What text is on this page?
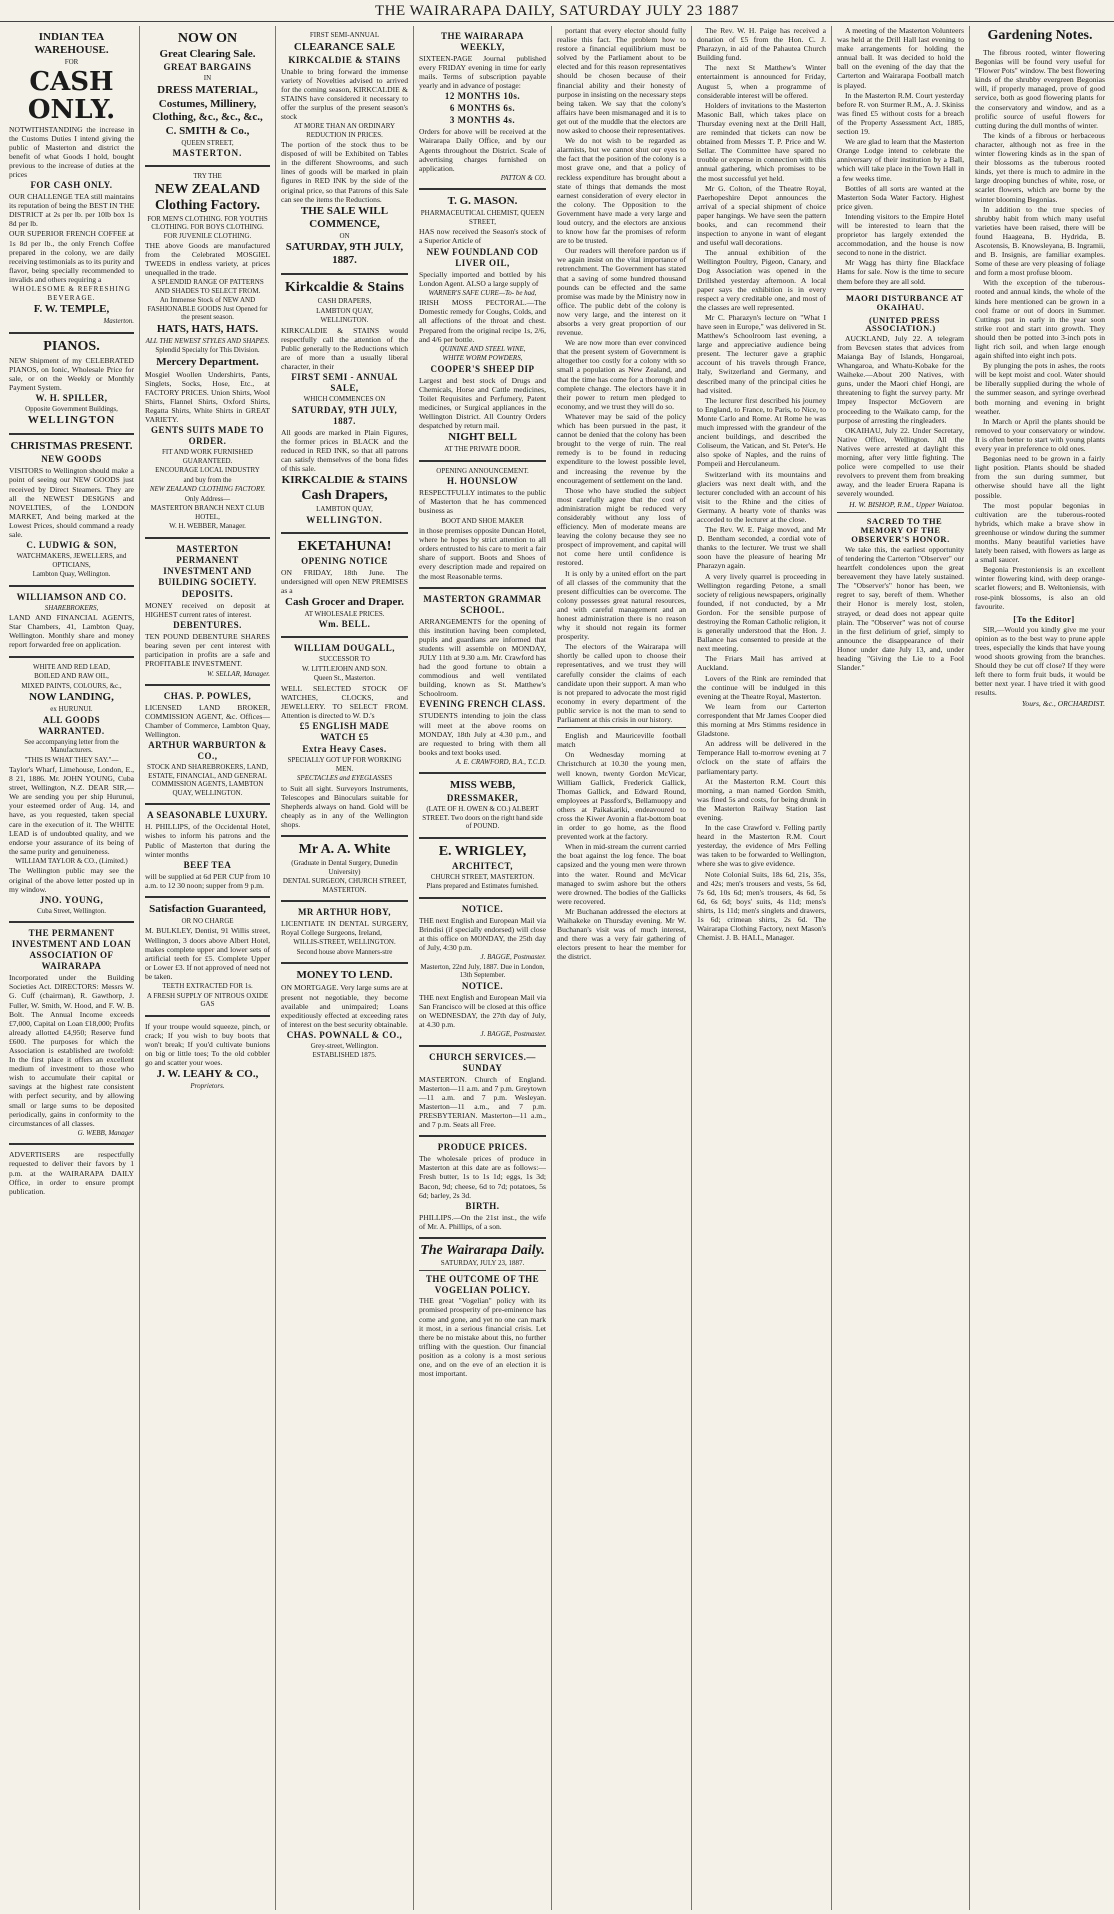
THE WAIRARAPA DAILY, SATURDAY JULY 23 1887

INDIAN TEA WAREHOUSE.

FOR

CASH ONLY.

NOTWITHSTANDING the increase in the Customs Duties I intend giving the public of Masterton and district the benefit of what Goods I hold, bought previous to the increase of duties at the prices

FOR CASH ONLY.

OUR CHALLENGE TEA still maintains its reputation of being the BEST IN THE DISTRICT at 2s per lb. per 10lb box 1s 8d per lb.

OUR SUPERIOR FRENCH COFFEE at 1s 8d per lb., the only French Coffee prepared in the colony, we are daily receiving testimonials as to its purity and flavor, being specially recommended to invalids and others requiring a

WHOLESOME & REFRESHING BEVERAGE.

F. W. TEMPLE,

Masterton.

PIANOS.

NEW Shipment of my CELEBRATED PIANOS, on Ionic, Wholesale Price for sale, or on the Weekly or Monthly Payment System.

W. H. SPILLER,

Opposite Government Buildings,

WELLINGTON

CHRISTMAS PRESENT.

NEW GOODS

VISITORS to Wellington should make a point of seeing our NEW GOODS just received by Direct Steamers. They are all the NEWEST DESIGNS and NOVELTIES, of the LONDON MARKET, And being marked at the Lowest Prices, should command a ready sale.

C. LUDWIG & SON,

WATCHMAKERS, JEWELLERS, and OPTICIANS,

Lambton Quay, Wellington.

WILLIAMSON AND CO.

SHAREBROKERS,

LAND AND FINANCIAL AGENTS, Star Chambers, 41, Lambton Quay, Wellington. Monthly share and money report forwarded free on application.

WHITE AND RED LEAD,

BOILED AND RAW OIL,

MIXED PAINTS, COLOURS, &c.,

NOW LANDING,

ex HURUNUI.

ALL GOODS WARRANTED.

See accompanying letter from the Manufacturers.

"THIS IS WHAT THEY SAY."—

Taylor's Wharf, Limehouse, London, E., 8 21, 1886. Mr. JOHN YOUNG, Cuba street, Wellington, N.Z. DEAR SIR,—We are sending you per ship Hurunui, your esteemed order of Aug. 14, and have, as you requested, taken special care in the execution of it. The WHITE LEAD is of undoubted quality, and we endorse your assurance of its being of the same purity and genuineness.

WILLIAM TAYLOR & CO., (Limited.)

The Wellington public may see the original of the above letter posted up in my window.

JNO. YOUNG,

Cuba Street, Wellington.

THE PERMANENT INVESTMENT AND LOAN ASSOCIATION OF WAIRARAPA

Incorporated under the Building Societies Act. DIRECTORS: Messrs W. G. Cuff (chairman), R. Gawthorp, J. Fuller, W. Smith, W. Hood, and F. W. B. Bolt. The Annual Income exceeds £7,000, Capital on Loan £18,000; Profits already allotted £4,950; Reserve fund £600. The purposes for which the Association is established are twofold: In the first place it offers an excellent medium of investment to those who wish to accumulate their capital or savings at the highest rate consistent with perfect security, and by allowing small or large sums to be deposited periodically, gains in conformity to the circumstances of all classes.

G. WEBB, Manager

ADVERTISERS are respectfully requested to deliver their favors by 1 p.m. at the WAIRARAPA DAILY Office, in order to ensure prompt publication.

NOW ON

Great Clearing Sale.

GREAT BARGAINS

IN

DRESS MATERIAL,

Costumes, Millinery, Clothing, &c., &c., &c.,

C. SMITH & Co.,

QUEEN STREET,

MASTERTON.

TRY THE

NEW ZEALAND Clothing Factory.

FOR MEN'S CLOTHING. FOR YOUTHS CLOTHING. FOR BOYS CLOTHING. FOR JUVENILE CLOTHING.

THE above Goods are manufactured from the Celebrated MOSGIEL TWEEDS in endless variety, at prices unequalled in the trade.

A SPLENDID RANGE OF PATTERNS AND SHADES TO SELECT FROM.

An Immense Stock of NEW AND FASHIONABLE GOODS Just Opened for the present season.

HATS, HATS, HATS.

ALL THE NEWEST STYLES AND SHAPES.

Splendid Specialty for This Division.

Mercery Department.

Mosgiel Woollen Undershirts, Pants, Singlets, Socks, Hose, Etc., at FACTORY PRICES. Union Shirts, Wool Shirts, Flannel Shirts, Oxford Shirts, Regatta Shirts, White Shirts in GREAT VARIETY.

GENTS SUITS MADE TO ORDER.

FIT AND WORK FURNISHED GUARANTEED.

ENCOURAGE LOCAL INDUSTRY

and buy from the

NEW ZEALAND CLOTHING FACTORY.

Only Address—

MASTERTON BRANCH NEXT CLUB HOTEL,

W. H. WEBBER, Manager.

MASTERTON PERMANENT INVESTMENT AND BUILDING SOCIETY.

DEPOSITS.

MONEY received on deposit at HIGHEST current rates of interest.

DEBENTURES.

TEN POUND DEBENTURE SHARES bearing seven per cent interest with participation in profits are a safe and PROFITABLE INVESTMENT.

W. SELLAR, Manager.

CHAS. P. POWLES,

LICENSED LAND BROKER, COMMISSION AGENT, &c. Offices—Chamber of Commerce, Lambton Quay, Wellington.

ARTHUR WARBURTON & CO.,

STOCK AND SHAREBROKERS, LAND, ESTATE, FINANCIAL, AND GENERAL COMMISSION AGENTS, LAMBTON QUAY, WELLINGTON.

A SEASONABLE LUXURY.

H. PHILLIPS, of the Occidental Hotel, wishes to inform his patrons and the Public of Masterton that during the winter months

BEEF TEA

will be supplied at 6d PER CUP from 10 a.m. to 12 30 noon; supper from 9 p.m.

Satisfaction Guaranteed,

OR NO CHARGE

M. BULKLEY, Dentist, 91 Willis street, Wellington, 3 doors above Albert Hotel, makes complete upper and lower sets of artificial teeth for £5. Complete Upper or Lower £3. If not approved of need not be taken.

TEETH EXTRACTED FOR 1s.

A FRESH SUPPLY OF NITROUS OXIDE GAS

If your troupe would squeeze, pinch, or crack; If you wish to buy boots that won't break; If you'd cultivate bunions on big or little toes; To the old cobbler go and scatter your woes.

J. W. LEAHY & CO.,

Proprietors.

FIRST SEMI-ANNUAL

CLEARANCE SALE

KIRKCALDIE & STAINS

Unable to bring forward the immense variety of Novelties advised to arrived for the coming season, KIRKCALDIE & STAINS have considered it necessary to offer the surplus of the present season's stock

AT MORE THAN AN ORDINARY REDUCTION IN PRICES.

The portion of the stock thus to be disposed of will be Exhibited on Tables in the different Showrooms, and such lines of goods will be marked in plain figures in RED INK by the side of the original price, so that Patrons of this Sale can see the items the Reductions.

THE SALE WILL COMMENCE,

ON

SATURDAY, 9TH JULY, 1887.

Kirkcaldie & Stains

CASH DRAPERS,

LAMBTON QUAY,

WELLINGTON.

KIRKCALDIE & STAINS would respectfully call the attention of the Public generally to the Reductions which are of more than a usually liberal character, in their

FIRST SEMI - ANNUAL SALE,

WHICH COMMENCES ON

SATURDAY, 9TH JULY, 1887.

All goods are marked in Plain Figures, the former prices in BLACK and the reduced in RED INK, so that all patrons can satisfy themselves of the bona fides of this sale.

KIRKCALDIE & STAINS

Cash Drapers,

LAMBTON QUAY,

WELLINGTON.

EKETAHUNA!

OPENING NOTICE

ON FRIDAY, 18th June. The undersigned will open NEW PREMISES as a

Cash Grocer and Draper.

AT WHOLESALE PRICES.

Wm. BELL.

WILLIAM DOUGALL,

SUCCESSOR TO

W. LITTLEJOHN AND SON.

Queen St., Masterton.

WELL SELECTED STOCK OF WATCHES, CLOCKS, and JEWELLERY. TO SELECT FROM. Attention is directed to W. D.'s

£5 ENGLISH MADE WATCH £5

Extra Heavy Cases.

SPECIALLY GOT UP FOR WORKING MEN.

SPECTACLES and EYEGLASSES

to Suit all sight. Surveyors Instruments, Telescopes and Binoculars suitable for Shepherds always on hand. Gold will be cheaply as in any of the Wellington shops.

Mr A. A. White

(Graduate in Dental Surgery, Dunedin University)

DENTAL SURGEON, CHURCH STREET, MASTERTON.

MR ARTHUR HOBY,

LICENTIATE IN DENTAL SURGERY, Royal College Surgeons, Ireland,

WILLIS-STREET, WELLINGTON.

Second house above Manners-stre

MONEY TO LEND.

ON MORTGAGE. Very large sums are at present not negotiable, they become available and unimpaired; Loans expeditiously effected at exceeding rates of interest on the best security obtainable.

CHAS. POWNALL & CO.,

Grey-street, Wellington.

ESTABLISHED 1875.

THE WAIRARAPA WEEKLY,

SIXTEEN-PAGE Journal published every FRIDAY evening in time for early mails. Terms of subscription payable yearly and in advance of postage:

12 MONTHS 10s.

6 MONTHS 6s.

3 MONTHS 4s.

Orders for above will be received at the Wairarapa Daily Office, and by our Agents throughout the District. Scale of advertising charges furnished on application.

PATTON & CO.

T. G. MASON.

PHARMACEUTICAL CHEMIST, QUEEN STREET,

HAS now received the Season's stock of a Superior Article of

NEW FOUNDLAND COD LIVER OIL,

Specially imported and bottled by his London Agent. ALSO a large supply of

WARNER'S SAFE CURE—To- be had,

IRISH MOSS PECTORAL.—The Domestic remedy for Coughs, Colds, and all affections of the throat and chest. Prepared from the original recipe 1s, 2/6, and 4/6 per bottle.

QUININE AND STEEL WINE,

WHITE WORM POWDERS,

COOPER'S SHEEP DIP

Largest and best stock of Drugs and Chemicals, Horse and Cattle medicines, Toilet Requisites and Perfumery, Patent medicines, or Surgical appliances in the Wellington District. All Country Orders despatched by return mail.

NIGHT BELL

AT THE PRIVATE DOOR.

OPENING ANNOUNCEMENT.

H. HOUNSLOW

RESPECTFULLY intimates to the public of Masterton that he has commenced business as

BOOT AND SHOE MAKER

in those premises opposite Duncan Hotel, where he hopes by strict attention to all orders entrusted to his care to merit a fair share of support. Boots and Shoes of every description made and repaired on the most Reasonable terms.

MASTERTON GRAMMAR SCHOOL.

ARRANGEMENTS for the opening of this institution having been completed, pupils and guardians are informed that students will assemble on MONDAY, JULY 11th at 9.30 a.m. Mr. Crawford has had the good fortune to obtain a commodious and well ventilated building, known as St. Matthew's Schoolroom.

EVENING FRENCH CLASS.

STUDENTS intending to join the class will meet at the above rooms on MONDAY, 18th July at 4.30 p.m., and are requested to bring with them all books and text books used.

A. E. CRAWFORD, B.A., T.C.D.

MISS WEBB,

DRESSMAKER,

(LATE OF H. OWEN & CO.) ALBERT STREET. Two doors on the right hand side of POUND.

E. WRIGLEY,

ARCHITECT,

CHURCH STREET, MASTERTON.

Plans prepared and Estimates furnished.

NOTICE.

THE next English and European Mail via Brindisi (if specially endorsed) will close at this office on MONDAY, the 25th day of July, 4:30 p.m.

J. BAGGE, Postmaster.

Masterton, 22nd July, 1887. Due in London, 13th September.

NOTICE.

THE next English and European Mail via San Francisco will be closed at this office on WEDNESDAY, the 27th day of July, at 4.30 p.m.

J. BAGGE, Postmaster.

CHURCH SERVICES.—SUNDAY

MASTERTON. Church of England. Masterton—11 a.m. and 7 p.m. Greytown—11 a.m. and 7 p.m. Wesleyan. Masterton—11 a.m., and 7 p.m. PRESBYTERIAN. Masterton—11 a.m., and 7 p.m. Seats all Free.

PRODUCE PRICES.

The wholesale prices of produce in Masterton at this date are as follows:—Fresh butter, 1s to 1s 1d; eggs, 1s 3d; Bacon, 9d; cheese, 6d to 7d; potatoes, 5s 6d; barley, 2s 3d.

BIRTH.

PHILLIPS.—On the 21st inst., the wife of Mr. A. Phillips, of a son.

The Wairarapa Daily.

SATURDAY, JULY 23, 1887.

THE OUTCOME OF THE VOGELIAN POLICY.

THE great "Vogelian" policy with its promised prosperity of pre-eminence has come and gone, and yet no one can mark it most, in a serious financial crisis. Let there be no mistake about this, no further trifling with the question. Our financial position as a colony is a most serious one, and on the eve of an election it is most important.

portant that every elector should fully realise this fact. The problem how to restore a financial equilibrium must be solved by the Parliament about to be elected and for this reason representatives should be chosen because of their financial ability and their honesty of purpose in insisting on the necessary steps being taken. We say that the colony's affairs have been mismanaged and it is to get out of the muddle that the electors are now asked to choose their representatives.

We do not wish to be regarded as alarmists, but we cannot shut our eyes to the fact that the position of the colony is a most grave one, and that a policy of reckless expenditure has brought about a state of things that demands the most earnest consideration of every elector in the colony. The Opposition to the Government have made a very large and loud outcry, and the electors are anxious to know how far the promises of reform are to be trusted.

Our readers will therefore pardon us if we again insist on the vital importance of retrenchment. The Government has stated that a saving of some hundred thousand pounds can be effected and the same promise was made by the Ministry now in office. The public debt of the colony is now very large, and the interest on it absorbs a very great proportion of our revenue.

We are now more than ever convinced that the present system of Government is altogether too costly for a colony with so small a population as New Zealand, and that the time has come for a thorough and complete change. The electors have it in their power to return men pledged to economy, and we trust they will do so.

Whatever may be said of the policy which has been pursued in the past, it cannot be denied that the colony has been brought to the verge of ruin. The real remedy is to be found in reducing expenditure to the lowest possible level, and increasing the revenue by the encouragement of settlement on the land.

Those who have studied the subject most carefully agree that the cost of administration might be reduced very considerably without any loss of efficiency. Men of moderate means are leaving the colony because they see no prospect of improvement, and capital will not come here until confidence is restored.

It is only by a united effort on the part of all classes of the community that the present difficulties can be overcome. The colony possesses great natural resources, and with careful management and an honest administration there is no reason why it should not regain its former prosperity.

The electors of the Wairarapa will shortly be called upon to choose their representatives, and we trust they will carefully consider the claims of each candidate upon their support. A man who is not prepared to advocate the most rigid economy in every department of the public service is not the man to send to Parliament at this crisis in our history.

English and Mauriceville football match

On Wednesday morning at Christchurch at 10.30 the young men, well known, twenty Gordon McVicar, William Gallick, Frederick Gallick, Thomas Gallick, and Edward Round, employees at Passford's, Bellamuopy and others at Paikakariki, endeavoured to cross the Kiwer Avonin a flat-bottom boat in order to go home, as the flood prevented work at the factory.

When in mid-stream the current carried the boat against the log fence. The boat capsized and the young men were thrown into the water. Round and McVicar managed to swim ashore but the others were drowned. The bodies of the Gallicks were recovered.

Mr Buchanan addressed the electors at Waihakeke on Thursday evening. Mr W. Buchanan's visit was of much interest, and there was a very fair gathering of electors present to hear the member for the district.

The Rev. W. H. Paige has received a donation of £5 from the Hon. C. J. Pharazyn, in aid of the Pahautea Church Building fund.

The next St Matthew's Winter entertainment is announced for Friday, August 5, when a programme of considerable interest will be offered.

Holders of invitations to the Masterton Masonic Ball, which takes place on Thursday evening next at the Drill Hall, are reminded that tickets can now be obtained from Messrs T. P. Price and W. Sellar. The Committee have spared no trouble or expense in connection with this annual gathering, which promises to be the most successful yet held.

Mr G. Colton, of the Theatre Royal, Paerhopeshire Depot announces the arrival of a special shipment of choice paper hangings. We have seen the pattern books, and can recommend their inspection to anyone in want of elegant and useful wall decorations.

The annual exhibition of the Wellington Poultry, Pigeon, Canary, and Dog Association was opened in the Drillshed yesterday afternoon. A local paper says the exhibition is in every respect a very creditable one, and most of the classes are well represented.

Mr C. Pharazyn's lecture on "What I have seen in Europe," was delivered in St. Matthew's Schoolroom last evening, a large and appreciative audience being present. The lecturer gave a graphic account of his travels through France, Italy, Switzerland and Germany, and described many of the principal cities he had visited.

The lecturer first described his journey to England, to France, to Paris, to Nice, to Monte Carlo and Rome. At Rome he was much impressed with the grandeur of the ancient buildings, and described the Coliseum, the Vatican, and St. Peter's. He also spoke of Naples, and the ruins of Pompeii and Herculaneum.

Switzerland with its mountains and glaciers was next dealt with, and the lecturer concluded with an account of his visit to the Rhine and the cities of Germany. A hearty vote of thanks was accorded to the lecturer at the close.

The Rev. W. E. Paige moved, and Mr D. Bentham seconded, a cordial vote of thanks to the lecturer. We trust we shall soon have the pleasure of hearing Mr Pharazyn again.

A very lively quarrel is proceeding in Wellington regarding Petone, a small society of religious newspapers, originally founded, if not conducted, by a Mr Gordon. For the sensible purpose of destroying the Roman Catholic religion, it is generally understood that the Hon. J. Ballance has consented to preside at the next meeting.

The Friars Mail has arrived at Auckland.

Lovers of the Rink are reminded that the continue will be indulged in this evening at the Theatre Royal, Masterton.

We learn from our Carterton correspondent that Mr James Cooper died this morning at Mrs Stimms residence in Gladstone.

An address will be delivered in the Temperance Hall to-morrow evening at 7 o'clock on the state of affairs the parliamentary party.

At the Masterton R.M. Court this morning, a man named Gordon Smith, was fined 5s and costs, for being drunk in the Masterton Railway Station last evening.

In the case Crawford v. Felling partly heard in the Masterton R.M. Court yesterday, the evidence of Mrs Felling was taken to be forwarded to Wellington, where she was to give evidence.

Note Colonial Suits, 18s 6d, 21s, 35s, and 42s; men's trousers and vests, 5s 6d, 7s 6d, 10s 6d; men's trousers, 4s 6d, 5s 6d, 6s 6d; boys' suits, 4s 11d; mens's shirts, 1s 11d; men's singlets and drawers, 1s 6d; crimean shirts, 2s 6d. The Wairarapa Clothing Factory, next Mason's Chemist. J. B. HALL, Manager.

A meeting of the Masterton Volunteers was held at the Drill Hall last evening to make arrangements for holding the annual ball. It was decided to hold the ball on the evening of the day that the Carterton and Wairarapa Football match is played.

In the Masterton R.M. Court yesterday before R. von Sturmer R.M., A. J. Skiniss was fined £5 without costs for a breach of the Property Assessment Act, 1885, section 19.

We are glad to learn that the Masterton Orange Lodge intend to celebrate the anniversary of their institution by a Ball, which will take place in the Town Hall in a few weeks time.

Bottles of all sorts are wanted at the Masterton Soda Water Factory. Highest price given.

Intending visitors to the Empire Hotel will be interested to learn that the proprietor has largely extended the accommodation, and the house is now second to none in the district.

Mr Wagg has thirty fine Blackface Hams for sale. Now is the time to secure them before they are all sold.

MAORI DISTURBANCE AT OKAIHAU.

(UNITED PRESS ASSOCIATION.)

AUCKLAND, July 22. A telegram from Bevcsen states that advices from Maianga Bay of Islands, Hongaroai, Whangaroa, and Whatu-Kobake for the Waiheke.—About 200 Natives, with guns, under the Maori chief Hongi, are threatening to fight the survey party. Mr Impey Inspector McGovern are proceeding to the Waikato camp, for the purpose of arresting the ringleaders.

OKAIHAU, July 22. Under Secretary, Native Office, Wellington. All the Natives were arrested at daylight this morning, after very little fighting. The police were compelled to use their revolvers to prevent them from breaking away, and the leader Eruera Rapana is severely wounded.

H. W. BISHOP, R.M., Upper Waiatoa.

SACRED TO THE MEMORY OF THE OBSERVER'S HONOR.

We take this, the earliest opportunity of tendering the Carterton "Observer" our heartfelt condolences upon the great bereavement they have lately sustained. The "Observer's" honor has been, we regret to say, bereft of them. Whether their Honor is merely lost, stolen, strayed, or dead does not appear quite plain. The "Observer" was not of course in the first delirium of grief, simply to announce the disappearance of their Honor under date July 13, and, under heading "Giving the Lie to a Fool Slander."

Gardening Notes.

The fibrous rooted, winter flowering Begonias will be found very useful for "Flower Pots" window. The best flowering kinds of the shrubby evergreen Begonias will, if properly managed, prove of good service, both as good flowering plants for the conservatory and window, and as a prolific source of useful flowers for cutting during the dull months of winter.

The kinds of a fibrous or herbaceous character, although not as free in the winter flowering kinds as in the span of their blossoms as the tuberous rooted kinds, yet there is much to admire in the large drooping bunches of white, rose, or scarlet flowers, which are borne by the winter blooming Begonias.

In addition to the true species of shrubby habit from which many useful varieties have been raised, there will be found Haageana, B. Hydrida, B. Ascotensis, B. Knowsleyana, B. Ingramii, and B. Insignis, are familiar examples. Some of these are very pleasing of foliage and form a most profuse bloom.

With the exception of the tuberous-rooted and annual kinds, the whole of the kinds here mentioned can be grown in a cool frame or out of doors in Summer. Cuttings put in early in the year soon strike root and start into growth. They should then be potted into 3-inch pots in light rich soil, and when large enough again shifted into eight inch pots.

By plunging the pots in ashes, the roots will be kept moist and cool. Water should be liberally supplied during the whole of the summer season, and syringe overhead both morning and evening in bright weather.

In March or April the plants should be removed to your conservatory or window. It is often better to start with young plants every year in preference to old ones.

Begonias need to be grown in a fairly light position. Plants should be shaded from the sun during summer, but otherwise should have all the light possible.

The most popular begonias in cultivation are the tuberous-rooted hybrids, which make a brave show in greenhouse or window during the summer months. Many beautiful varieties have lately been raised, with flowers as large as a small saucer.

Begonia Prestoniensis is an excellent winter flowering kind, with deep orange-scarlet flowers; and B. Weltoniensis, with rose-pink blossoms, is also an old favourite.

[To the Editor]

SIR,—Would you kindly give me your opinion as to the best way to prune apple trees, especially the kinds that have young wood shoots growing from the branches. Should they be cut off close? If they were left there to form fruit buds, it would be better next year. I have tried it with good results.

Yours, &c., ORCHARDIST.
